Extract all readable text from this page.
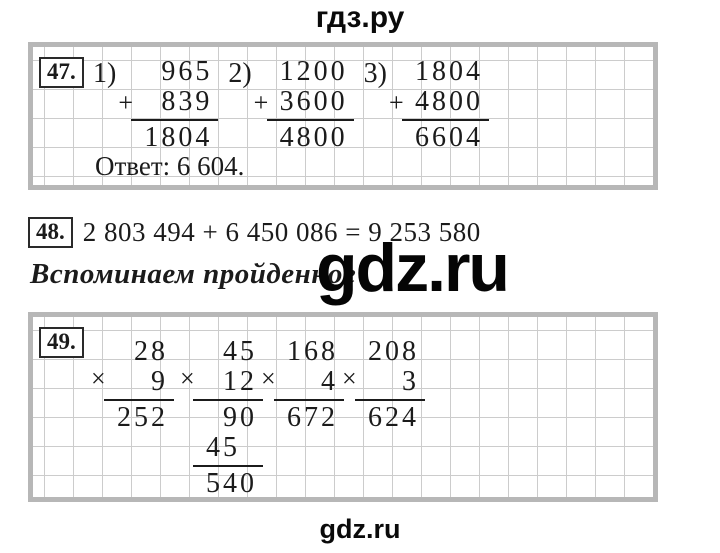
гдз.ру
47. 1)
+
965
839
1804
2)
+
1200
3600
4800
3)
+
1804
4800
6604
Ответ: 6 604.
48. 2 803 494 + 6 450 086 = 9 253 580
Вспоминаем пройденное
gdz.ru
49.
×
28
9
252
×
45
12
90
45
540
×
168
4
672
×
208
3
624
gdz.ru
